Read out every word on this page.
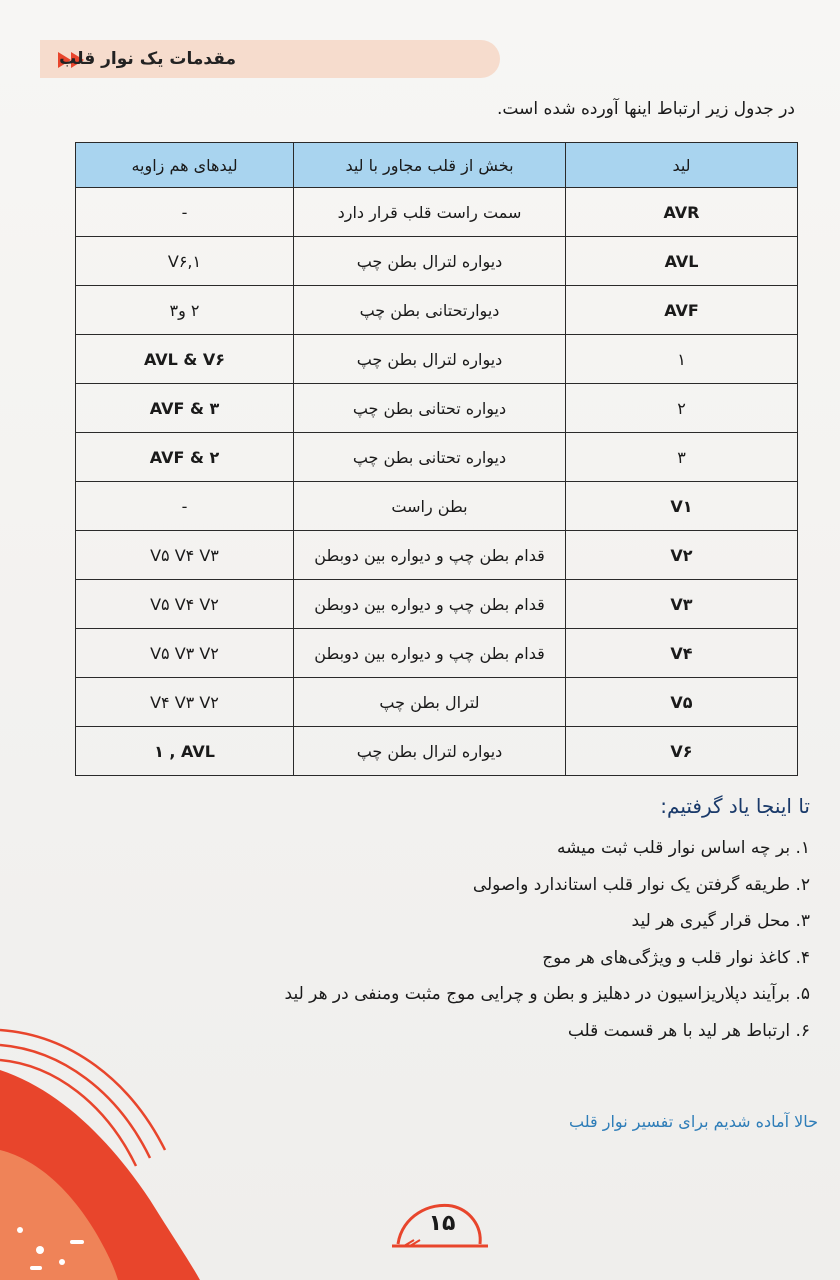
مقدمات یک نوار قلب
در جدول زیر ارتباط اینها آورده شده است.
لید	بخش از قلب مجاور با لید	لیدهای هم زاویه
AVR	سمت راست قلب قرار دارد	-
AVL	دیواره لترال بطن چپ	V۶,۱
AVF	دیوارتحتانی بطن چپ	۲ و۳
۱	دیواره لترال بطن چپ	AVL & V۶
۲	دیواره تحتانی بطن چپ	AVF & ۳
۳	دیواره تحتانی بطن چپ	AVF & ۲
V۱	بطن راست	-
V۲	قدام بطن چپ و دیواره بین دوبطن	V۵ V۴ V۳
V۳	قدام بطن چپ و دیواره بین دوبطن	V۵ V۴ V۲
V۴	قدام بطن چپ و دیواره بین دوبطن	V۵ V۳ V۲
V۵	لترال بطن چپ	V۴ V۳ V۲
V۶	دیواره لترال بطن چپ	۱ , AVL
تا اینجا یاد گرفتیم:
۱. بر چه اساس نوار قلب ثبت میشه
۲. طریقه گرفتن یک نوار قلب استاندارد واصولی
۳. محل قرار گیری هر لید
۴. کاغذ نوار قلب و ویژگی‌های هر موج
۵. برآیند دپلاریزاسیون در دهلیز و بطن و چرایی موج مثبت ومنفی در هر لید
۶. ارتباط هر لید با هر قسمت قلب
حالا آماده شدیم برای تفسیر نوار قلب
۱۵
